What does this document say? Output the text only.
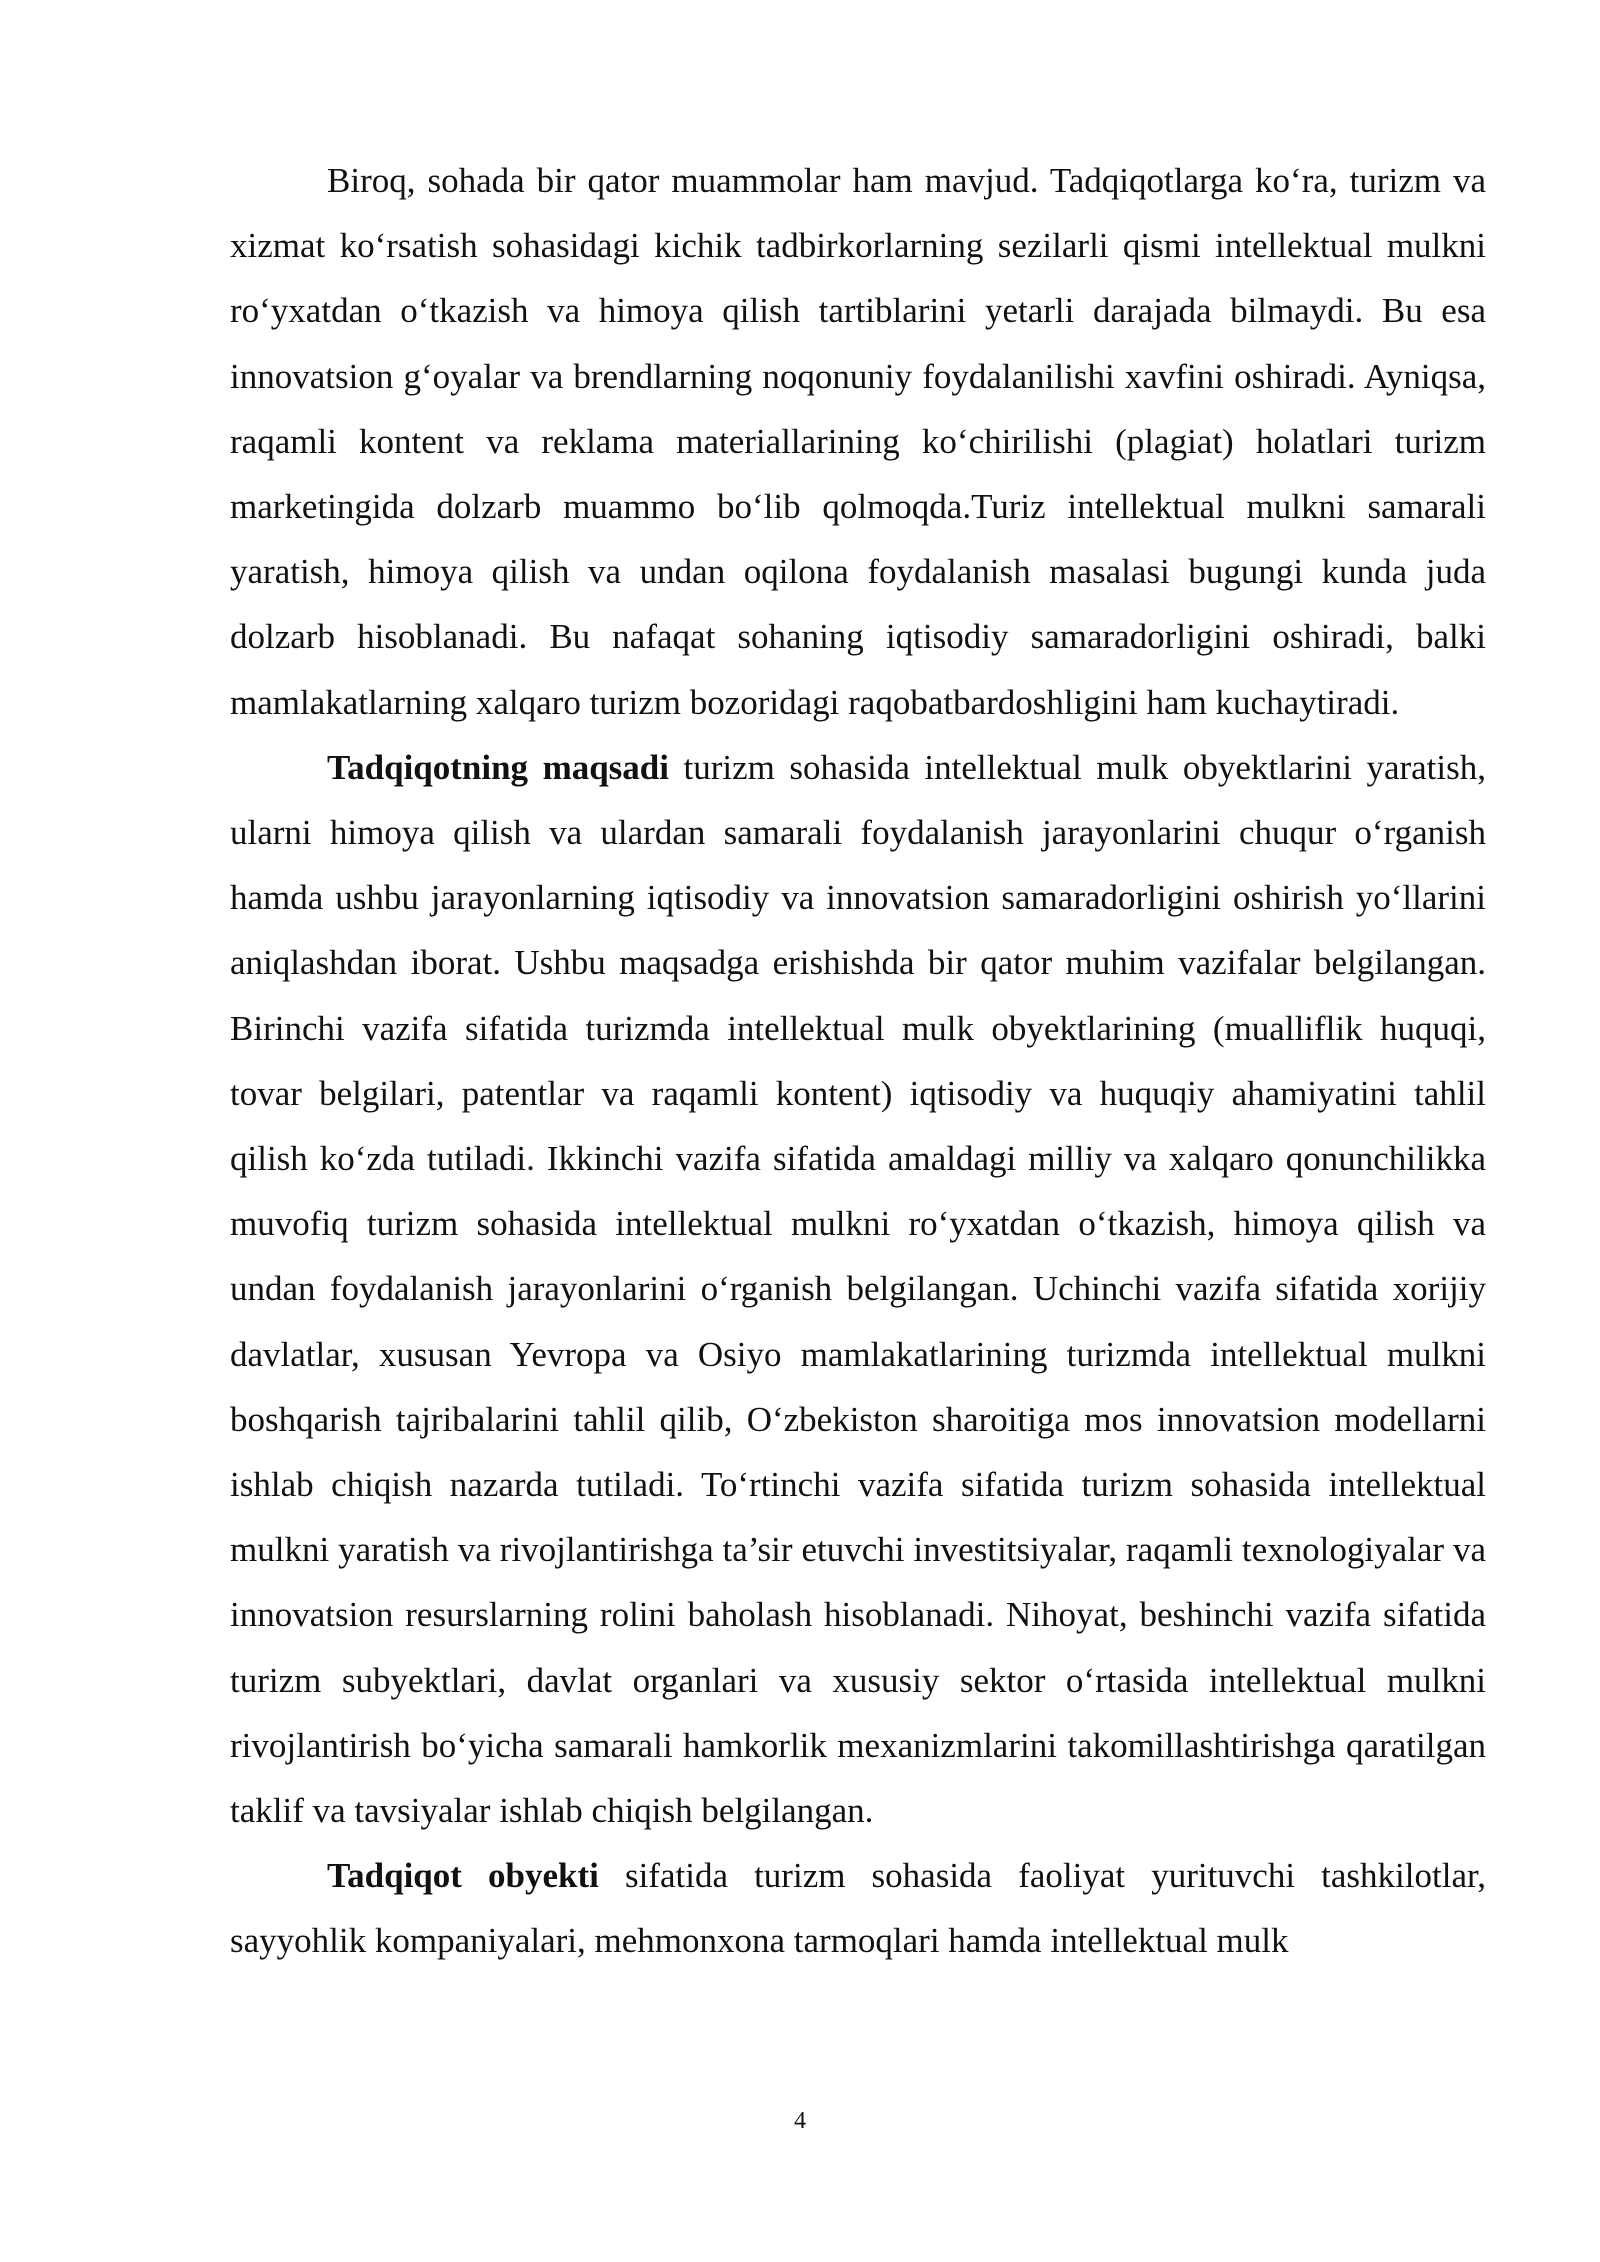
Biroq, sohada bir qator muammolar ham mavjud. Tadqiqotlarga ko‘ra, turizm va xizmat ko‘rsatish sohasidagi kichik tadbirkorlarning sezilarli qismi intellektual mulkni ro‘yxatdan o‘tkazish va himoya qilish tartiblarini yetarli darajada bilmaydi. Bu esa innovatsion g‘oyalar va brendlarning noqonuniy foydalanilishi xavfini oshiradi. Ayniqsa, raqamli kontent va reklama materiallarining ko‘chirilishi (plagiat) holatlari turizm marketingida dolzarb muammo bo‘lib qolmoqda.Turiz intellektual mulkni samarali yaratish, himoya qilish va undan oqilona foydalanish masalasi bugungi kunda juda dolzarb hisoblanadi. Bu nafaqat sohaning iqtisodiy samaradorligini oshiradi, balki mamlakatlarning xalqaro turizm bozoridagi raqobatbardoshligini ham kuchaytiradi.

Tadqiqotning maqsadi turizm sohasida intellektual mulk obyektlarini yaratish, ularni himoya qilish va ulardan samarali foydalanish jarayonlarini chuqur o‘rganish hamda ushbu jarayonlarning iqtisodiy va innovatsion samaradorligini oshirish yo‘llarini aniqlashdan iborat. Ushbu maqsadga erishishda bir qator muhim vazifalar belgilangan. Birinchi vazifa sifatida turizmda intellektual mulk obyektlarining (mualliflik huquqi, tovar belgilari, patentlar va raqamli kontent) iqtisodiy va huquqiy ahamiyatini tahlil qilish ko‘zda tutiladi. Ikkinchi vazifa sifatida amaldagi milliy va xalqaro qonunchilikka muvofiq turizm sohasida intellektual mulkni ro‘yxatdan o‘tkazish, himoya qilish va undan foydalanish jarayonlarini o‘rganish belgilangan. Uchinchi vazifa sifatida xorijiy davlatlar, xususan Yevropa va Osiyo mamlakatlarining turizmda intellektual mulkni boshqarish tajribalarini tahlil qilib, O‘zbekiston sharoitiga mos innovatsion modellarni ishlab chiqish nazarda tutiladi. To‘rtinchi vazifa sifatida turizm sohasida intellektual mulkni yaratish va rivojlantirishga ta’sir etuvchi investitsiyalar, raqamli texnologiyalar va innovatsion resurslarning rolini baholash hisoblanadi. Nihoyat, beshinchi vazifa sifatida turizm subyektlari, davlat organlari va xususiy sektor o‘rtasida intellektual mulkni rivojlantirish bo‘yicha samarali hamkorlik mexanizmlarini takomillashtirishga qaratilgan taklif va tavsiyalar ishlab chiqish belgilangan.

Tadqiqot obyekti sifatida turizm sohasida faoliyat yurituvchi tashkilotlar, sayyohlik kompaniyalari, mehmonxona tarmoqlari hamda intellektual mulk

4
